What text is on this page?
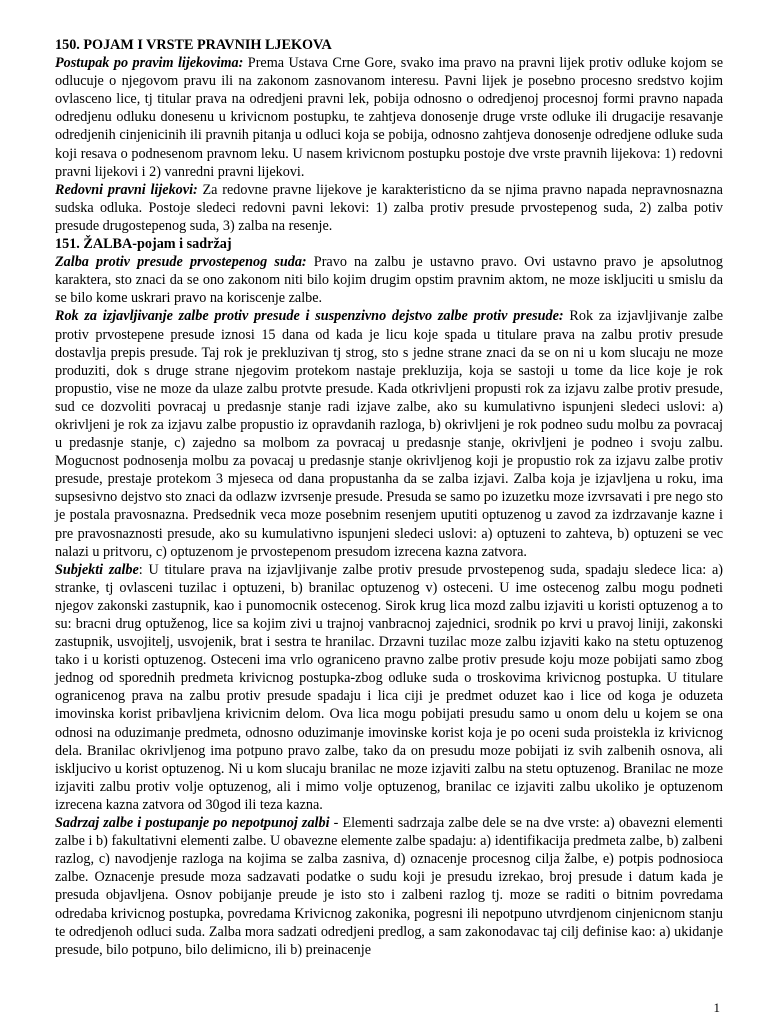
150. POJAM I VRSTE PRAVNIH LJEKOVA

Postupak po pravim lijekovima: Prema Ustava Crne Gore, svako ima pravo na pravni lijek protiv odluke kojom se odlucuje o njegovom pravu ili na zakonom zasnovanom interesu. Pavni lijek je posebno procesno sredstvo kojim ovlasceno lice, tj titular prava na odredjeni pravni lek, pobija odnosno o odredjenoj procesnoj formi pravno napada odredjenu odluku donesenu u krivicnom postupku, te zahtjeva donosenje druge vrste odluke ili drugacije resavanje odredjenih cinjenicinih ili pravnih pitanja u odluci koja se pobija, odnosno zahtjeva donosenje odredjene odluke suda koji resava o podnesenom pravnom leku. U nasem krivicnom postupku postoje dve vrste pravnih lijekova: 1) redovni pravni lijekovi i 2) vanredni pravni lijekovi.

Redovni pravni lijekovi: Za redovne pravne lijekove je karakteristicno da se njima pravno napada nepravnosnazna sudska odluka. Postoje sledeci redovni pavni lekovi: 1) zalba protiv presude prvostepenog suda, 2) zalba potiv presude drugostepenog suda, 3) zalba na resenje.

151. ŽALBA-pojam i sadržaj

Zalba protiv presude prvostepenog suda: Pravo na zalbu je ustavno pravo. Ovi ustavno pravo je apsolutnog karaktera, sto znaci da se ono zakonom niti bilo kojim drugim opstim pravnim aktom, ne moze iskljuciti u smislu da se bilo kome uskrari pravo na koriscenje zalbe.

Rok za izjavljivanje zalbe protiv presude i suspenzivno dejstvo zalbe protiv presude: Rok za izjavljivanje zalbe protiv prvostepene presude iznosi 15 dana od kada je licu koje spada u titulare prava na zalbu protiv presude dostavlja prepis presude. Taj rok je prekluzivan tj strog, sto s jedne strane znaci da se on ni u kom slucaju ne moze produziti, dok s druge strane njegovim protekom nastaje prekluzija, koja se sastoji u tome da lice koje je rok propustio, vise ne moze da ulaze zalbu protvte presude. Kada otkrivljeni propusti rok za izjavu zalbe protiv presude, sud ce dozvoliti povracaj u predasnje stanje radi izjave zalbe, ako su kumulativno ispunjeni sledeci uslovi: a) okrivljeni je rok za izjavu zalbe propustio iz opravdanih razloga, b) okrivljeni je rok podneo sudu molbu za povracaj u predasnje stanje, c) zajedno sa molbom za povracaj u predasnje stanje, okrivljeni je podneo i svoju zalbu. Mogucnost podnosenja molbu za povacaj u predasnje stanje okrivljenog koji je propustio rok za izjavu zalbe protiv presude, prestaje protekom 3 mjeseca od dana propustanha da se zalba izjavi. Zalba koja je izjavljena u roku, ima supsesivno dejstvo sto znaci da odlazw izvrsenje presude. Presuda se samo po izuzetku moze izvrsavati i pre nego sto je postala pravosnazna. Predsednik veca moze posebnim resenjem uputiti optuzenog u zavod za izdrzavanje kazne i pre pravosnaznosti presude, ako su kumulativno ispunjeni sledeci uslovi: a) optuzeni to zahteva, b) optuzeni se vec nalazi u pritvoru, c) optuzenom je prvostepenom presudom izrecena kazna zatvora.

Subjekti zalbe: U titulare prava na izjavljivanje zalbe protiv presude prvostepenog suda, spadaju sledece lica: a) stranke, tj ovlasceni tuzilac i optuzeni, b) branilac optuzenog v) osteceni. U ime ostecenog zalbu mogu podneti njegov zakonski zastupnik, kao i punomocnik ostecenog. Sirok krug lica mozd zalbu izjaviti u koristi optuzenog a to su: bracni drug optuženog, lice sa kojim zivi u trajnoj vanbracnoj zajednici, srodnik po krvi u pravoj liniji, zakonski zastupnik, usvojitelj, usvojenik, brat i sestra te hranilac. Drzavni tuzilac moze zalbu izjaviti kako na stetu optuzenog tako i u koristi optuzenog. Osteceni ima vrlo ograniceno pravno zalbe protiv presude koju moze pobijati samo zbog jednog od sporednih predmeta krivicnog postupka-zbog odluke suda o troskovima krivicnog postupka. U titulare ogranicenog prava na zalbu protiv presude spadaju i lica ciji je predmet oduzet kao i lice od koga je oduzeta imovinska korist pribavljena krivicnim delom. Ova lica mogu pobijati presudu samo u onom delu u kojem se ona odnosi na oduzimanje predmeta, odnosno oduzimanje imovinske korist koja je po oceni suda proistekla iz krivicnog dela. Branilac okrivljenog ima potpuno pravo zalbe, tako da on presudu moze pobijati iz svih zalbenih osnova, ali iskljucivo u korist optuzenog. Ni u kom slucaju branilac ne moze izjaviti zalbu na stetu optuzenog. Branilac ne moze izjaviti zalbu protiv volje optuzenog, ali i mimo volje optuzenog, branilac ce izjaviti zalbu ukoliko je optuzenom izrecena kazna zatvora od 30god ili teza kazna.

Sadrzaj zalbe i postupanje po nepotpunoj zalbi - Elementi sadrzaja zalbe dele se na dve vrste: a) obavezni elementi zalbe i b) fakultativni elementi zalbe. U obavezne elemente zalbe spadaju: a) identifikacija predmeta zalbe, b) zalbeni razlog, c) navodjenje razloga na kojima se zalba zasniva, d) oznacenje procesnog cilja žalbe, e) potpis podnosioca zalbe. Oznacenje presude moza sadzavati podatke o sudu koji je presudu izrekao, broj presude i datum kada je presuda objavljena. Osnov pobijanje preude je isto sto i zalbeni razlog tj. moze se raditi o bitnim povredama odredaba krivicnog postupka, povredama Krivicnog zakonika, pogresni ili nepotpuno utvrdjenom cinjenicnom stanju te odredjenoh odluci suda. Zalba mora sadzati odredjeni predlog, a sam zakonodavac taj cilj definise kao: a) ukidanje presude, bilo potpuno, bilo delimicno, ili b) preinacenje

1
